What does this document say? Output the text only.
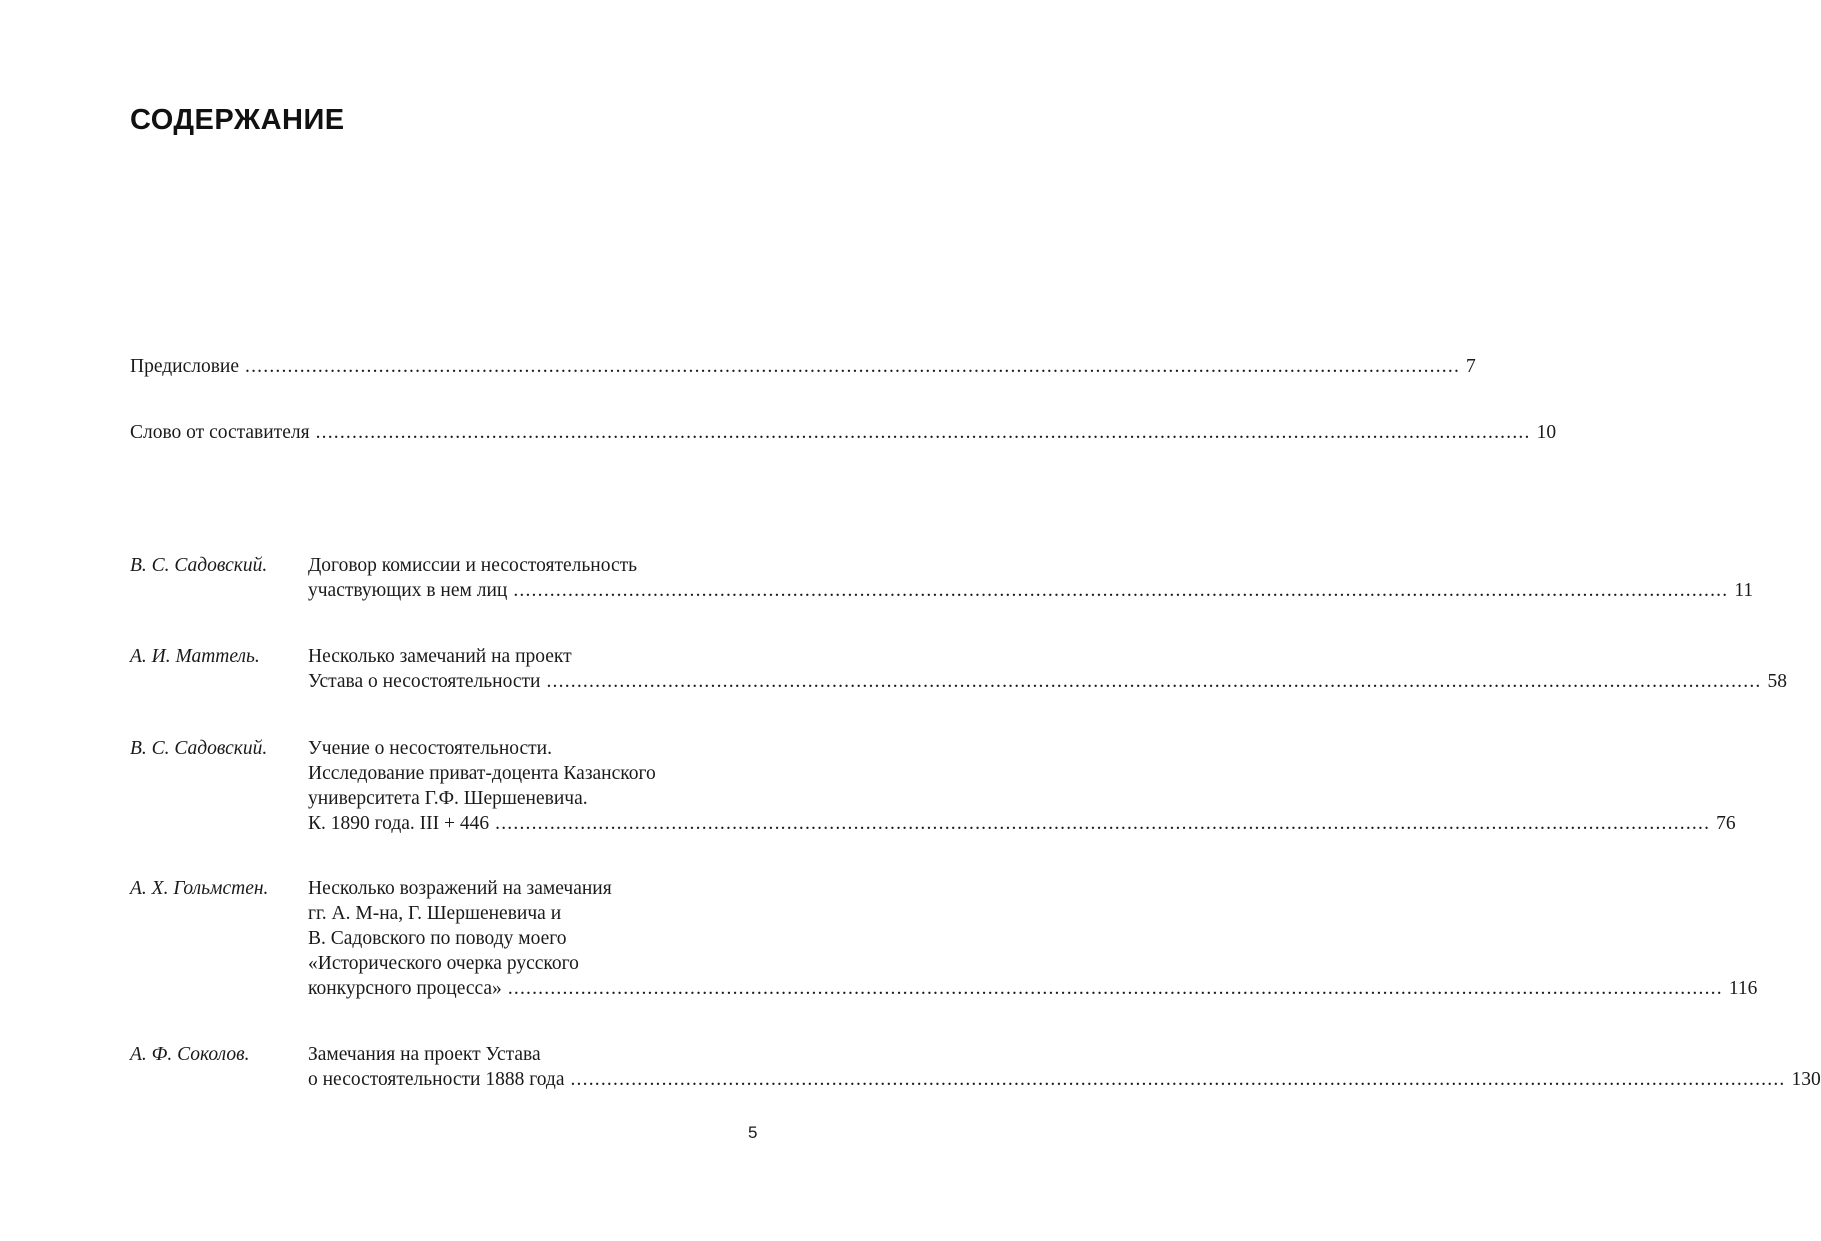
СОДЕРЖАНИЕ
Предисловие ........................................................................................................................................................................................................ 7
Слово от составителя ........................................................................................................................................................................................................ 10
В. С. Садовский. Договор комиссии и несостоятельность
участвующих в нем лиц ........................................................................................................................................................................................................ 11
А. И. Маттель. Несколько замечаний на проект
Устава о несостоятельности ........................................................................................................................................................................................................ 58
В. С. Садовский. Учение о несостоятельности.
Исследование приват-доцента Казанского
университета Г.Ф. Шершеневича.
К. 1890 года. III + 446 ........................................................................................................................................................................................................ 76
А. Х. Гольмстен. Несколько возражений на замечания
гг. А. М-на, Г. Шершеневича и
В. Садовского по поводу моего
«Исторического очерка русского
конкурсного процесса» ........................................................................................................................................................................................................ 116
А. Ф. Соколов.	Замечания на проект Устава
о несостоятельности 1888 года ........................................................................................................................................................................................................ 130
5
